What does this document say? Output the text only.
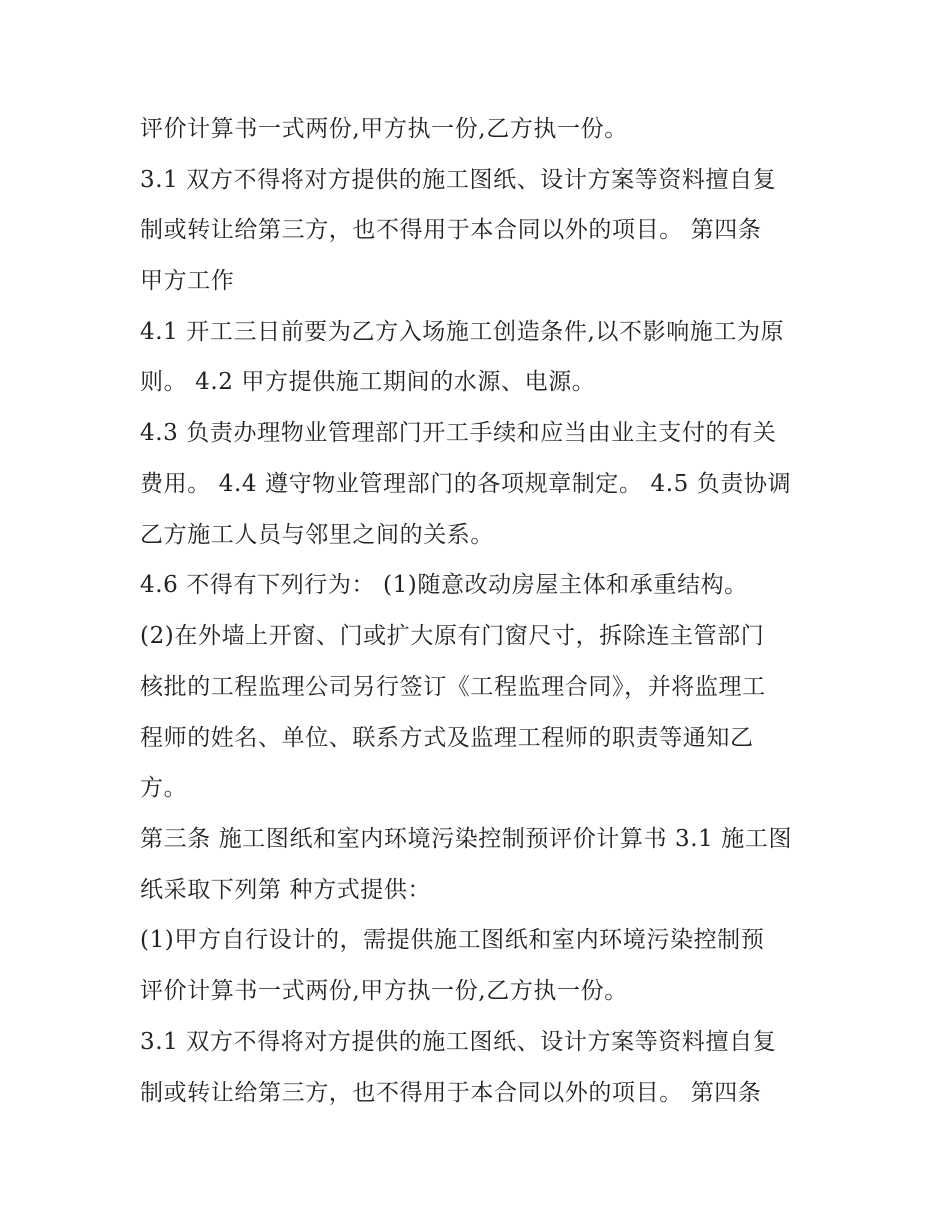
评价计算书一式两份,甲方执一份,乙方执一份。
3.1 双方不得将对方提供的施工图纸、设计方案等资料擅自复
制或转让给第三方，也不得用于本合同以外的项目。 第四条
甲方工作
4.1 开工三日前要为乙方入场施工创造条件,以不影响施工为原
则。 4.2 甲方提供施工期间的水源、电源。
4.3 负责办理物业管理部门开工手续和应当由业主支付的有关
费用。 4.4 遵守物业管理部门的各项规章制定。 4.5 负责协调
乙方施工人员与邻里之间的关系。
4.6 不得有下列行为： (1)随意改动房屋主体和承重结构。
(2)在外墙上开窗、门或扩大原有门窗尺寸，拆除连主管部门
核批的工程监理公司另行签订《工程监理合同》，并将监理工
程师的姓名、单位、联系方式及监理工程师的职责等通知乙
方。
第三条 施工图纸和室内环境污染控制预评价计算书 3.1 施工图
纸采取下列第 种方式提供：
(1)甲方自行设计的，需提供施工图纸和室内环境污染控制预
评价计算书一式两份,甲方执一份,乙方执一份。
3.1 双方不得将对方提供的施工图纸、设计方案等资料擅自复
制或转让给第三方，也不得用于本合同以外的项目。 第四条
